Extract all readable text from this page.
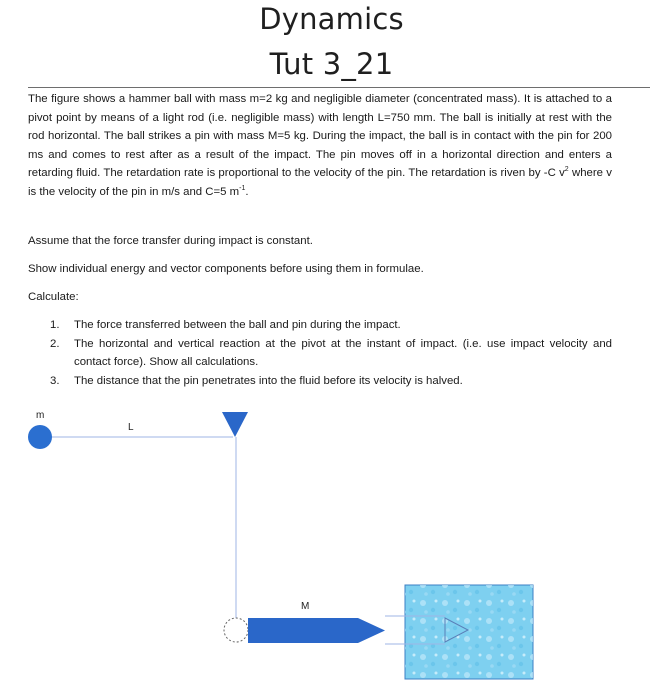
Dynamics
Tut 3_21
The figure shows a hammer ball with mass m=2 kg and negligible diameter (concentrated mass). It is attached to a pivot point by means of a light rod (i.e. negligible mass) with length L=750 mm. The ball is initially at rest with the rod horizontal. The ball strikes a pin with mass M=5 kg. During the impact, the ball is in contact with the pin for 200 ms and comes to rest after as a result of the impact. The pin moves off in a horizontal direction and enters a retarding fluid. The retardation rate is proportional to the velocity of the pin. The retardation is riven by -C $v^2$ where v is the velocity of the pin in m/s and C=5 $m^{-1}$.
Assume that the force transfer during impact is constant.
Show individual energy and vector components before using them in formulae.
Calculate:
1.	The force transferred between the ball and pin during the impact.
2.	The horizontal and vertical reaction at the pivot at the instant of impact. (i.e. use impact velocity and contact force). Show all calculations.
3.	The distance that the pin penetrates into the fluid before its velocity is halved.
m
L
M
